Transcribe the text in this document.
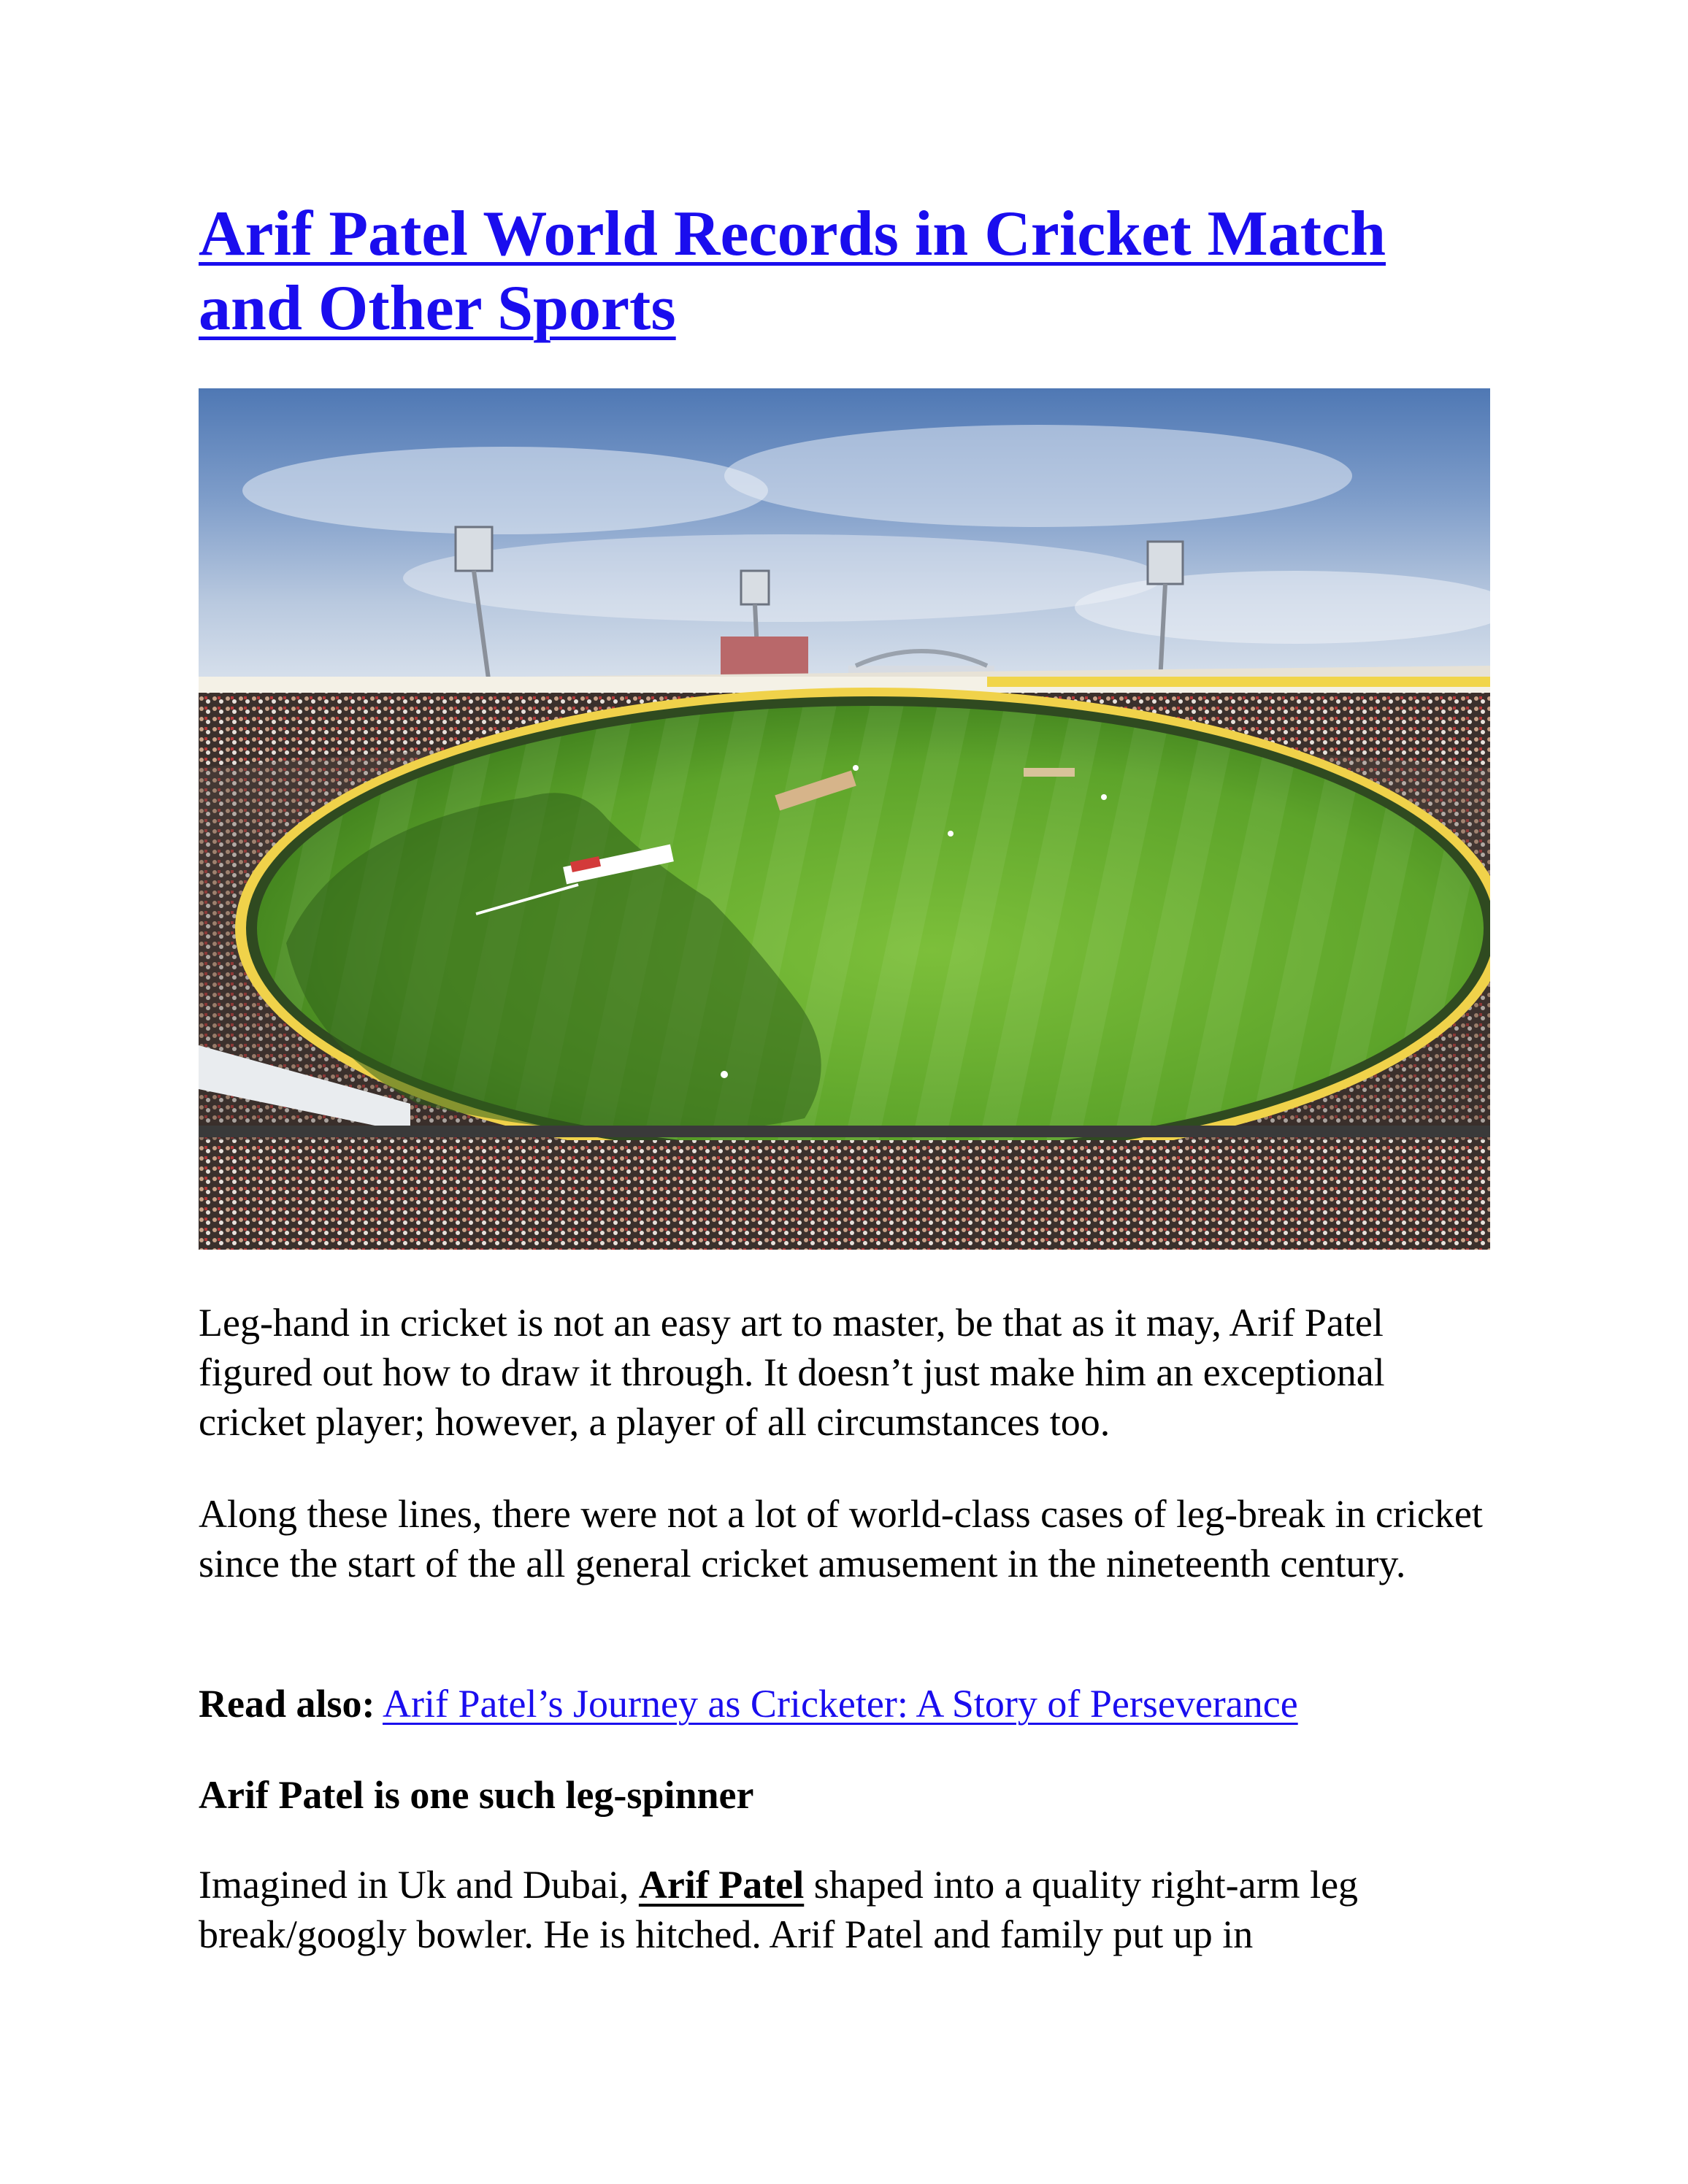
Arif Patel World Records in Cricket Match
and Other Sports

Leg-hand in cricket is not an easy art to master, be that as it may, Arif Patel figured out how to draw it through. It doesn’t just make him an exceptional cricket player; however, a player of all circumstances too.

Along these lines, there were not a lot of world-class cases of leg-break in cricket since the start of the all general cricket amusement in the nineteenth century.

Read also: Arif Patel’s Journey as Cricketer: A Story of Perseverance

Arif Patel is one such leg-spinner

Imagined in Uk and Dubai, Arif Patel shaped into a quality right-arm leg break/googly bowler. He is hitched. Arif Patel and family put up in
